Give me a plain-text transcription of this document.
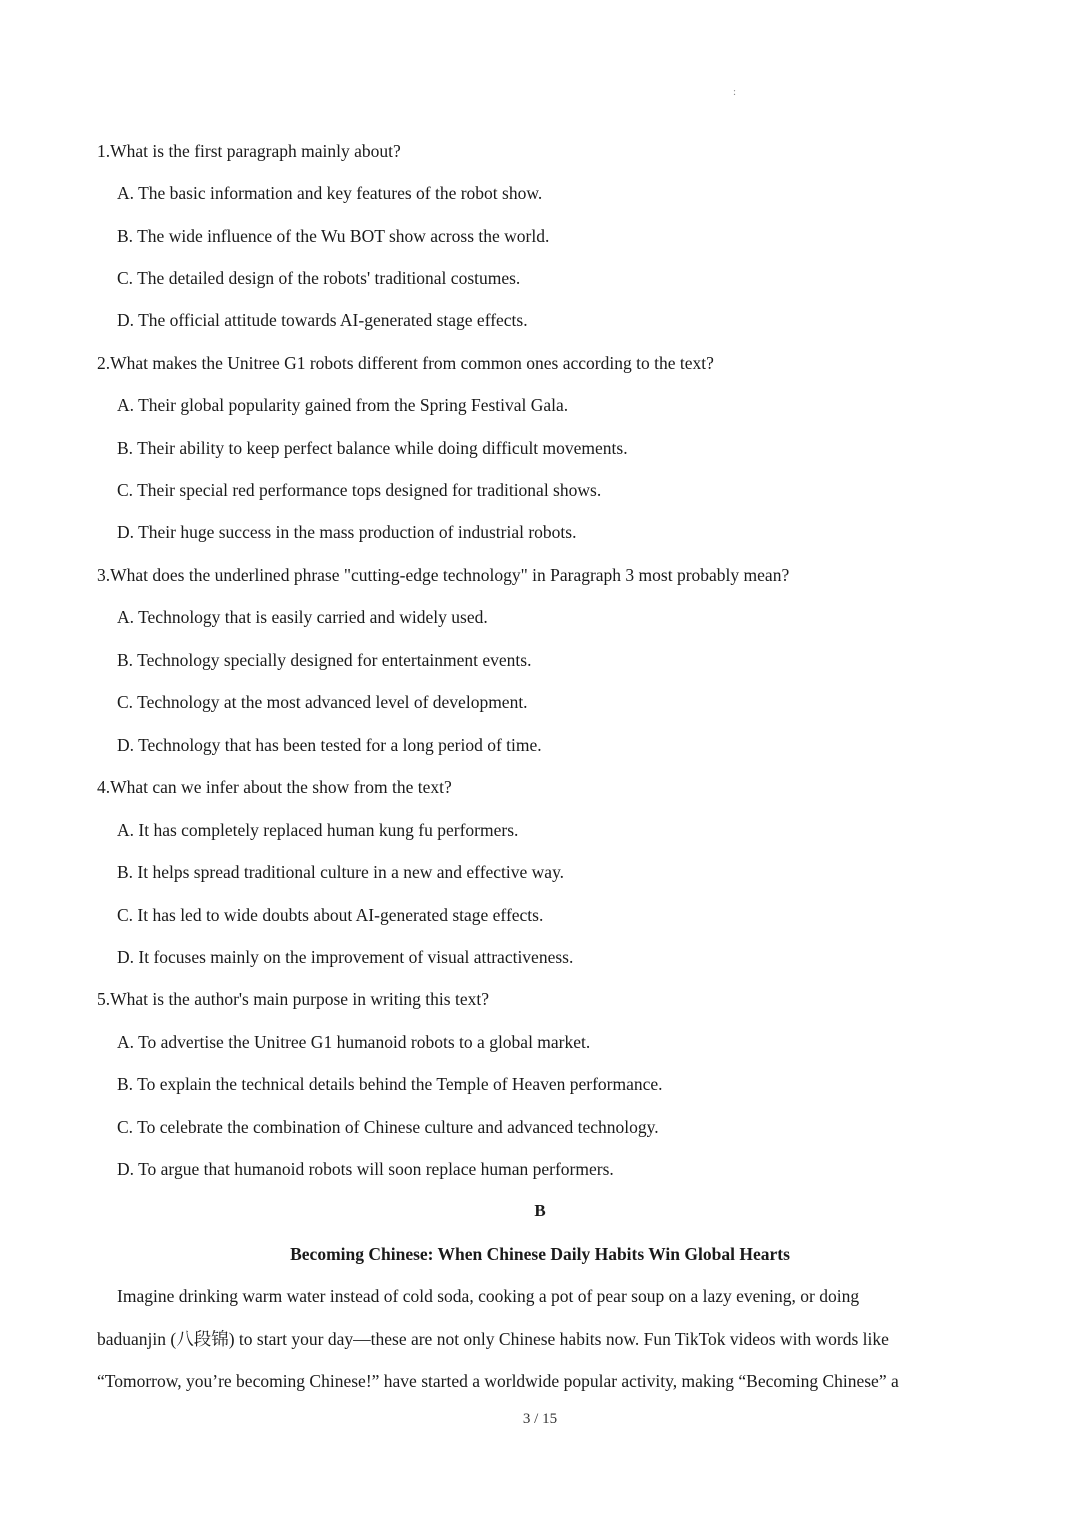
:
1.What is the first paragraph mainly about?
A. The basic information and key features of the robot show.
B. The wide influence of the Wu BOT show across the world.
C. The detailed design of the robots' traditional costumes.
D. The official attitude towards AI-generated stage effects.
2.What makes the Unitree G1 robots different from common ones according to the text?
A. Their global popularity gained from the Spring Festival Gala.
B. Their ability to keep perfect balance while doing difficult movements.
C. Their special red performance tops designed for traditional shows.
D. Their huge success in the mass production of industrial robots.
3.What does the underlined phrase "cutting-edge technology" in Paragraph 3 most probably mean?
A. Technology that is easily carried and widely used.
B. Technology specially designed for entertainment events.
C. Technology at the most advanced level of development.
D. Technology that has been tested for a long period of time.
4.What can we infer about the show from the text?
A. It has completely replaced human kung fu performers.
B. It helps spread traditional culture in a new and effective way.
C. It has led to wide doubts about AI-generated stage effects.
D. It focuses mainly on the improvement of visual attractiveness.
5.What is the author's main purpose in writing this text?
A. To advertise the Unitree G1 humanoid robots to a global market.
B. To explain the technical details behind the Temple of Heaven performance.
C. To celebrate the combination of Chinese culture and advanced technology.
D. To argue that humanoid robots will soon replace human performers.
B
Becoming Chinese: When Chinese Daily Habits Win Global Hearts
Imagine drinking warm water instead of cold soda, cooking a pot of pear soup on a lazy evening, or doing
baduanjin (八段锦) to start your day—these are not only Chinese habits now. Fun TikTok videos with words like
“Tomorrow, you’re becoming Chinese!” have started a worldwide popular activity, making “Becoming Chinese” a
3 / 15
